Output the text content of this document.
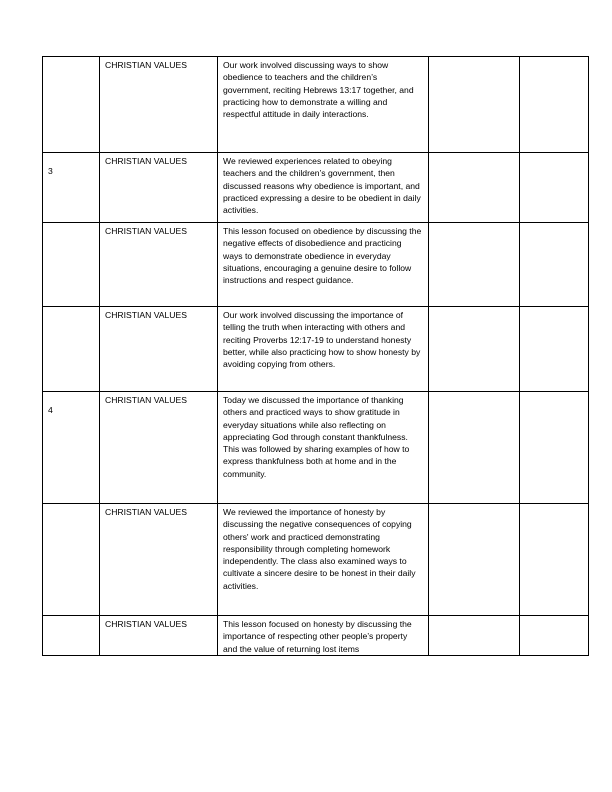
	CHRISTIAN VALUES	Our work involved discussing ways to show obedience to teachers and the children’s government, reciting Hebrews 13:17 together, and practicing how to demonstrate a willing and respectful attitude in daily interactions.		

3	CHRISTIAN VALUES	We reviewed experiences related to obeying teachers and the children’s government, then discussed reasons why obedience is important, and practiced expressing a desire to be obedient in daily activities.		

	CHRISTIAN VALUES	This lesson focused on obedience by discussing the negative effects of disobedience and practicing ways to demonstrate obedience in everyday situations, encouraging a genuine desire to follow instructions and respect guidance.		

	CHRISTIAN VALUES	Our work involved discussing the importance of telling the truth when interacting with others and reciting Proverbs 12:17-19 to understand honesty better, while also practicing how to show honesty by avoiding copying from others.		

4	CHRISTIAN VALUES	Today we discussed the importance of thanking others and practiced ways to show gratitude in everyday situations while also reflecting on appreciating God through constant thankfulness. This was followed by sharing examples of how to express thankfulness both at home and in the community.		

	CHRISTIAN VALUES	We reviewed the importance of honesty by discussing the negative consequences of copying others' work and practiced demonstrating responsibility through completing homework independently. The class also examined ways to cultivate a sincere desire to be honest in their daily activities.		

	CHRISTIAN VALUES	This lesson focused on honesty by discussing the importance of respecting other people’s property and the value of returning lost items		
